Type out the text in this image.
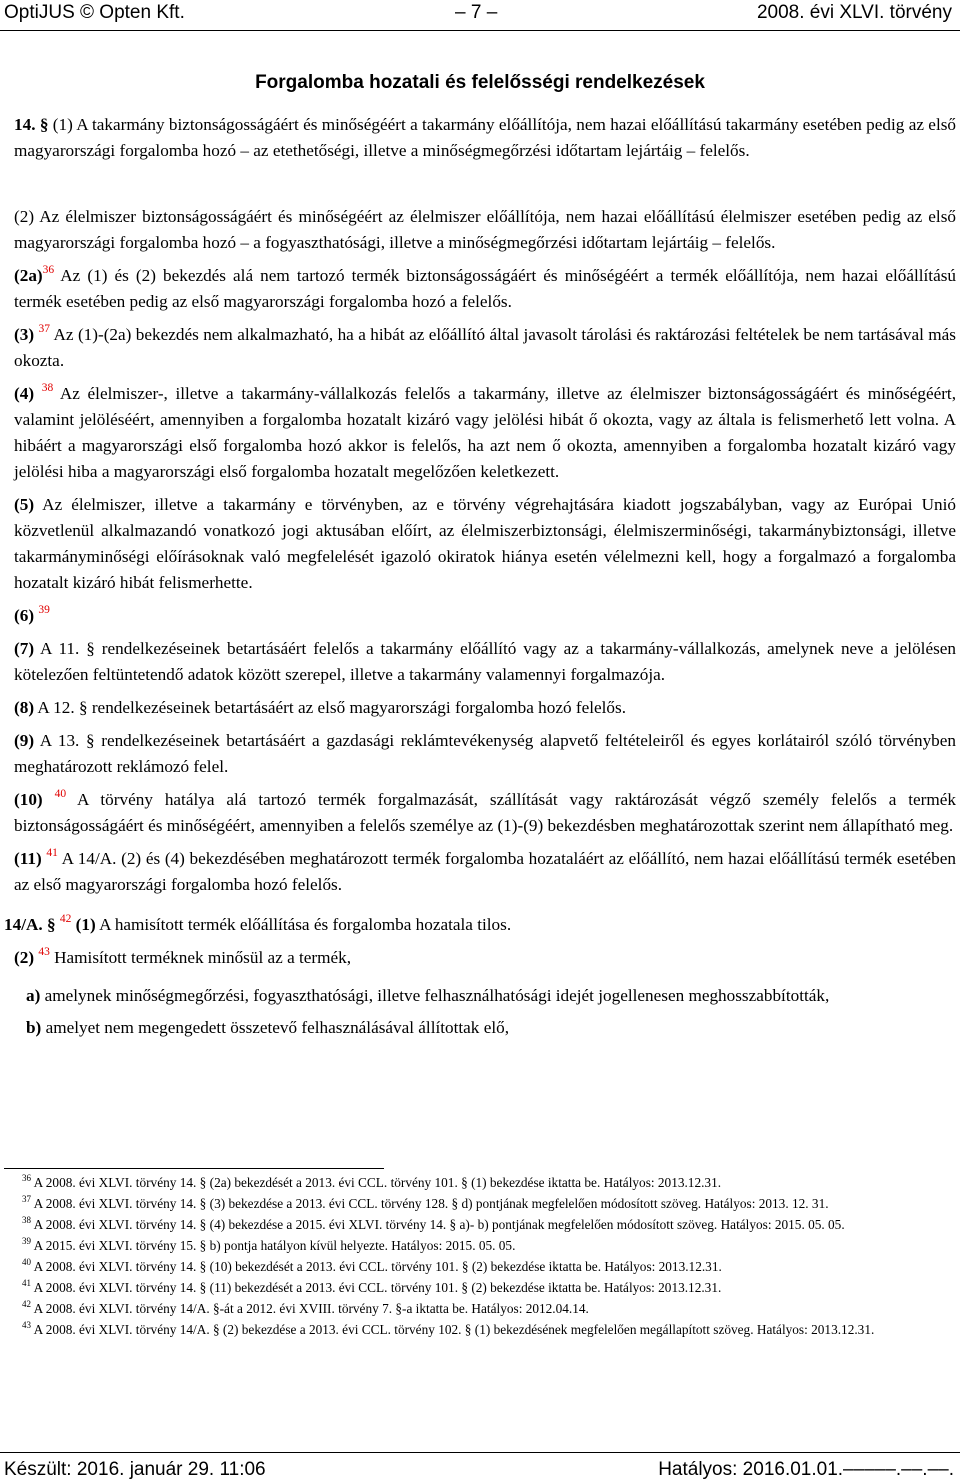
OptiJUS © Opten Kft.	– 7 –	2008. évi XLVI. törvény
Forgalomba hozatali és felelősségi rendelkezések

14. § (1) A takarmány biztonságosságáért és minőségéért a takarmány előállítója, nem hazai előállítású takarmány esetében pedig az első magyarországi forgalomba hozó – az etethetőségi, illetve a minőségmegőrzési időtartam lejártáig – felelős.

(2) Az élelmiszer biztonságosságáért és minőségéért az élelmiszer előállítója, nem hazai előállítású élelmiszer esetében pedig az első magyarországi forgalomba hozó – a fogyaszthatósági, illetve a minőségmegőrzési időtartam lejártáig – felelős.

$(2a)^{36}$ Az (1) és (2) bekezdés alá nem tartozó termék biztonságosságáért és minőségéért a termék előállítója, nem hazai előállítású termék esetében pedig az első magyarországi forgalomba hozó a felelős.

(3) $^{37}$ Az (1)-(2a) bekezdés nem alkalmazható, ha a hibát az előállító által javasolt tárolási és raktározási feltételek be nem tartásával más okozta.

(4) $^{38}$ Az élelmiszer-, illetve a takarmány-vállalkozás felelős a takarmány, illetve az élelmiszer biztonságosságáért és minőségéért, valamint jelöléséért, amennyiben a forgalomba hozatalt kizáró vagy jelölési hibát ő okozta, vagy az általa is felismerhető lett volna. A hibáért a magyarországi első forgalomba hozó akkor is felelős, ha azt nem ő okozta, amennyiben a forgalomba hozatalt kizáró vagy jelölési hiba a magyarországi első forgalomba hozatalt megelőzően keletkezett.

(5) Az élelmiszer, illetve a takarmány e törvényben, az e törvény végrehajtására kiadott jogszabályban, vagy az Európai Unió közvetlenül alkalmazandó vonatkozó jogi aktusában előírt, az élelmiszerbiztonsági, élelmiszerminőségi, takarmánybiztonsági, illetve takarmányminőségi előírásoknak való megfelelését igazoló okiratok hiánya esetén vélelmezni kell, hogy a forgalmazó a forgalomba hozatalt kizáró hibát felismerhette.

(6) $^{39}$

(7) A 11. § rendelkezéseinek betartásáért felelős a takarmány előállító vagy az a takarmány-vállalkozás, amelynek neve a jelölésen kötelezően feltüntetendő adatok között szerepel, illetve a takarmány valamennyi forgalmazója.

(8) A 12. § rendelkezéseinek betartásáért az első magyarországi forgalomba hozó felelős.

(9) A 13. § rendelkezéseinek betartásáért a gazdasági reklámtevékenység alapvető feltételeiről és egyes korlátairól szóló törvényben meghatározott reklámozó felel.

(10) $^{40}$ A törvény hatálya alá tartozó termék forgalmazását, szállítását vagy raktározását végző személy felelős a termék biztonságosságáért és minőségéért, amennyiben a felelős személye az (1)-(9) bekezdésben meghatározottak szerint nem állapítható meg.

(11) $^{41}$ A 14/A. (2) és (4) bekezdésében meghatározott termék forgalomba hozataláért az előállító, nem hazai előállítású termék esetében az első magyarországi forgalomba hozó felelős.

14/A. § $^{42}$ (1) A hamisított termék előállítása és forgalomba hozatala tilos.

(2) $^{43}$ Hamisított terméknek minősül az a termék,

a) amelynek minőségmegőrzési, fogyaszthatósági, illetve felhasználhatósági idejét jogellenesen meghosszabbították,

b) amelyet nem megengedett összetevő felhasználásával állítottak elő,

$^{36}$ A 2008. évi XLVI. törvény 14. § (2a) bekezdését a 2013. évi CCL. törvény 101. § (1) bekezdése iktatta be. Hatályos: 2013.12.31.

$^{37}$ A 2008. évi XLVI. törvény 14. § (3) bekezdése a 2013. évi CCL. törvény 128. § d) pontjának megfelelően módosított szöveg. Hatályos: 2013. 12. 31.

$^{38}$ A 2008. évi XLVI. törvény 14. § (4) bekezdése a 2015. évi XLVI. törvény 14. § a)- b) pontjának megfelelően módosított szöveg. Hatályos: 2015. 05. 05.

$^{39}$ A 2015. évi XLVI. törvény 15. § b) pontja hatályon kívül helyezte. Hatályos: 2015. 05. 05.

$^{40}$ A 2008. évi XLVI. törvény 14. § (10) bekezdését a 2013. évi CCL. törvény 101. § (2) bekezdése iktatta be. Hatályos: 2013.12.31.

$^{41}$ A 2008. évi XLVI. törvény 14. § (11) bekezdését a 2013. évi CCL. törvény 101. § (2) bekezdése iktatta be. Hatályos: 2013.12.31.

$^{42}$ A 2008. évi XLVI. törvény 14/A. §-át a 2012. évi XVIII. törvény 7. §-a iktatta be. Hatályos: 2012.04.14.

$^{43}$ A 2008. évi XLVI. törvény 14/A. § (2) bekezdése a 2013. évi CCL. törvény 102. § (1) bekezdésének megfelelően megállapított szöveg. Hatályos: 2013.12.31.

Készült: 2016. január 29. 11:06	Hatályos: 2016.01.01.–––––.––.––.
